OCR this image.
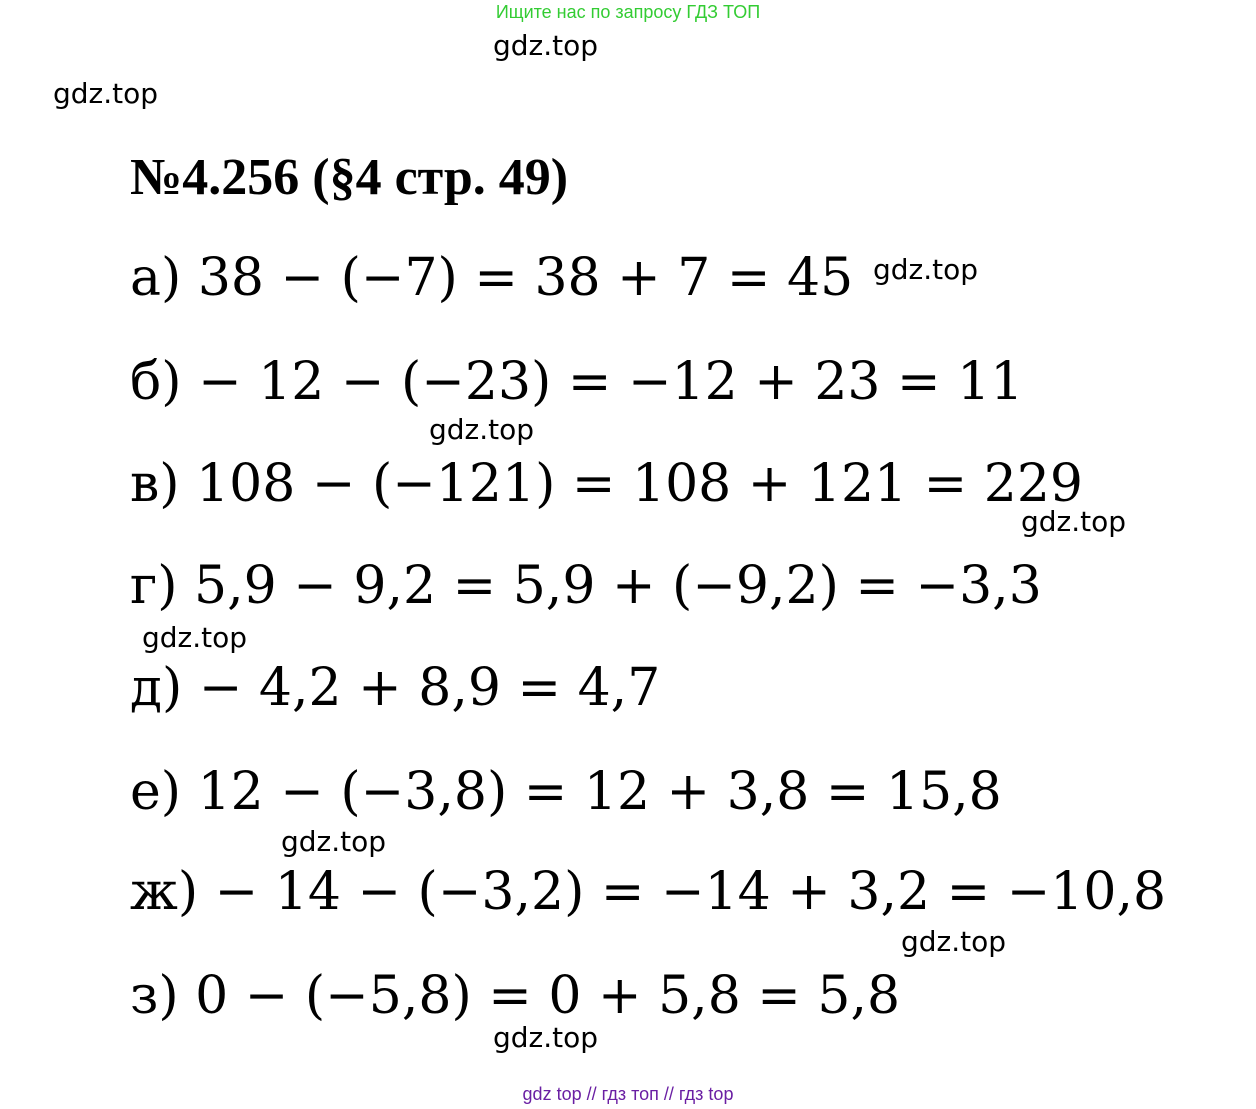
Ищите нас по запросу ГДЗ ТОП
gdz.top
gdz.top
№4.256 (§4 стр. 49)
а) 38 − (−7) = 38 + 7 = 45 gdz.top
б) − 12 − (−23) = −12 + 23 = 11
gdz.top
в) 108 − (−121) = 108 + 121 = 229
gdz.top
г) 5,9 − 9,2 = 5,9 + (−9,2) = −3,3
gdz.top
д) − 4,2 + 8,9 = 4,7
е) 12 − (−3,8) = 12 + 3,8 = 15,8
gdz.top
ж) − 14 − (−3,2) = −14 + 3,2 = −10,8
gdz.top
з) 0 − (−5,8) = 0 + 5,8 = 5,8
gdz.top
gdz top // гдз топ // гдз top
